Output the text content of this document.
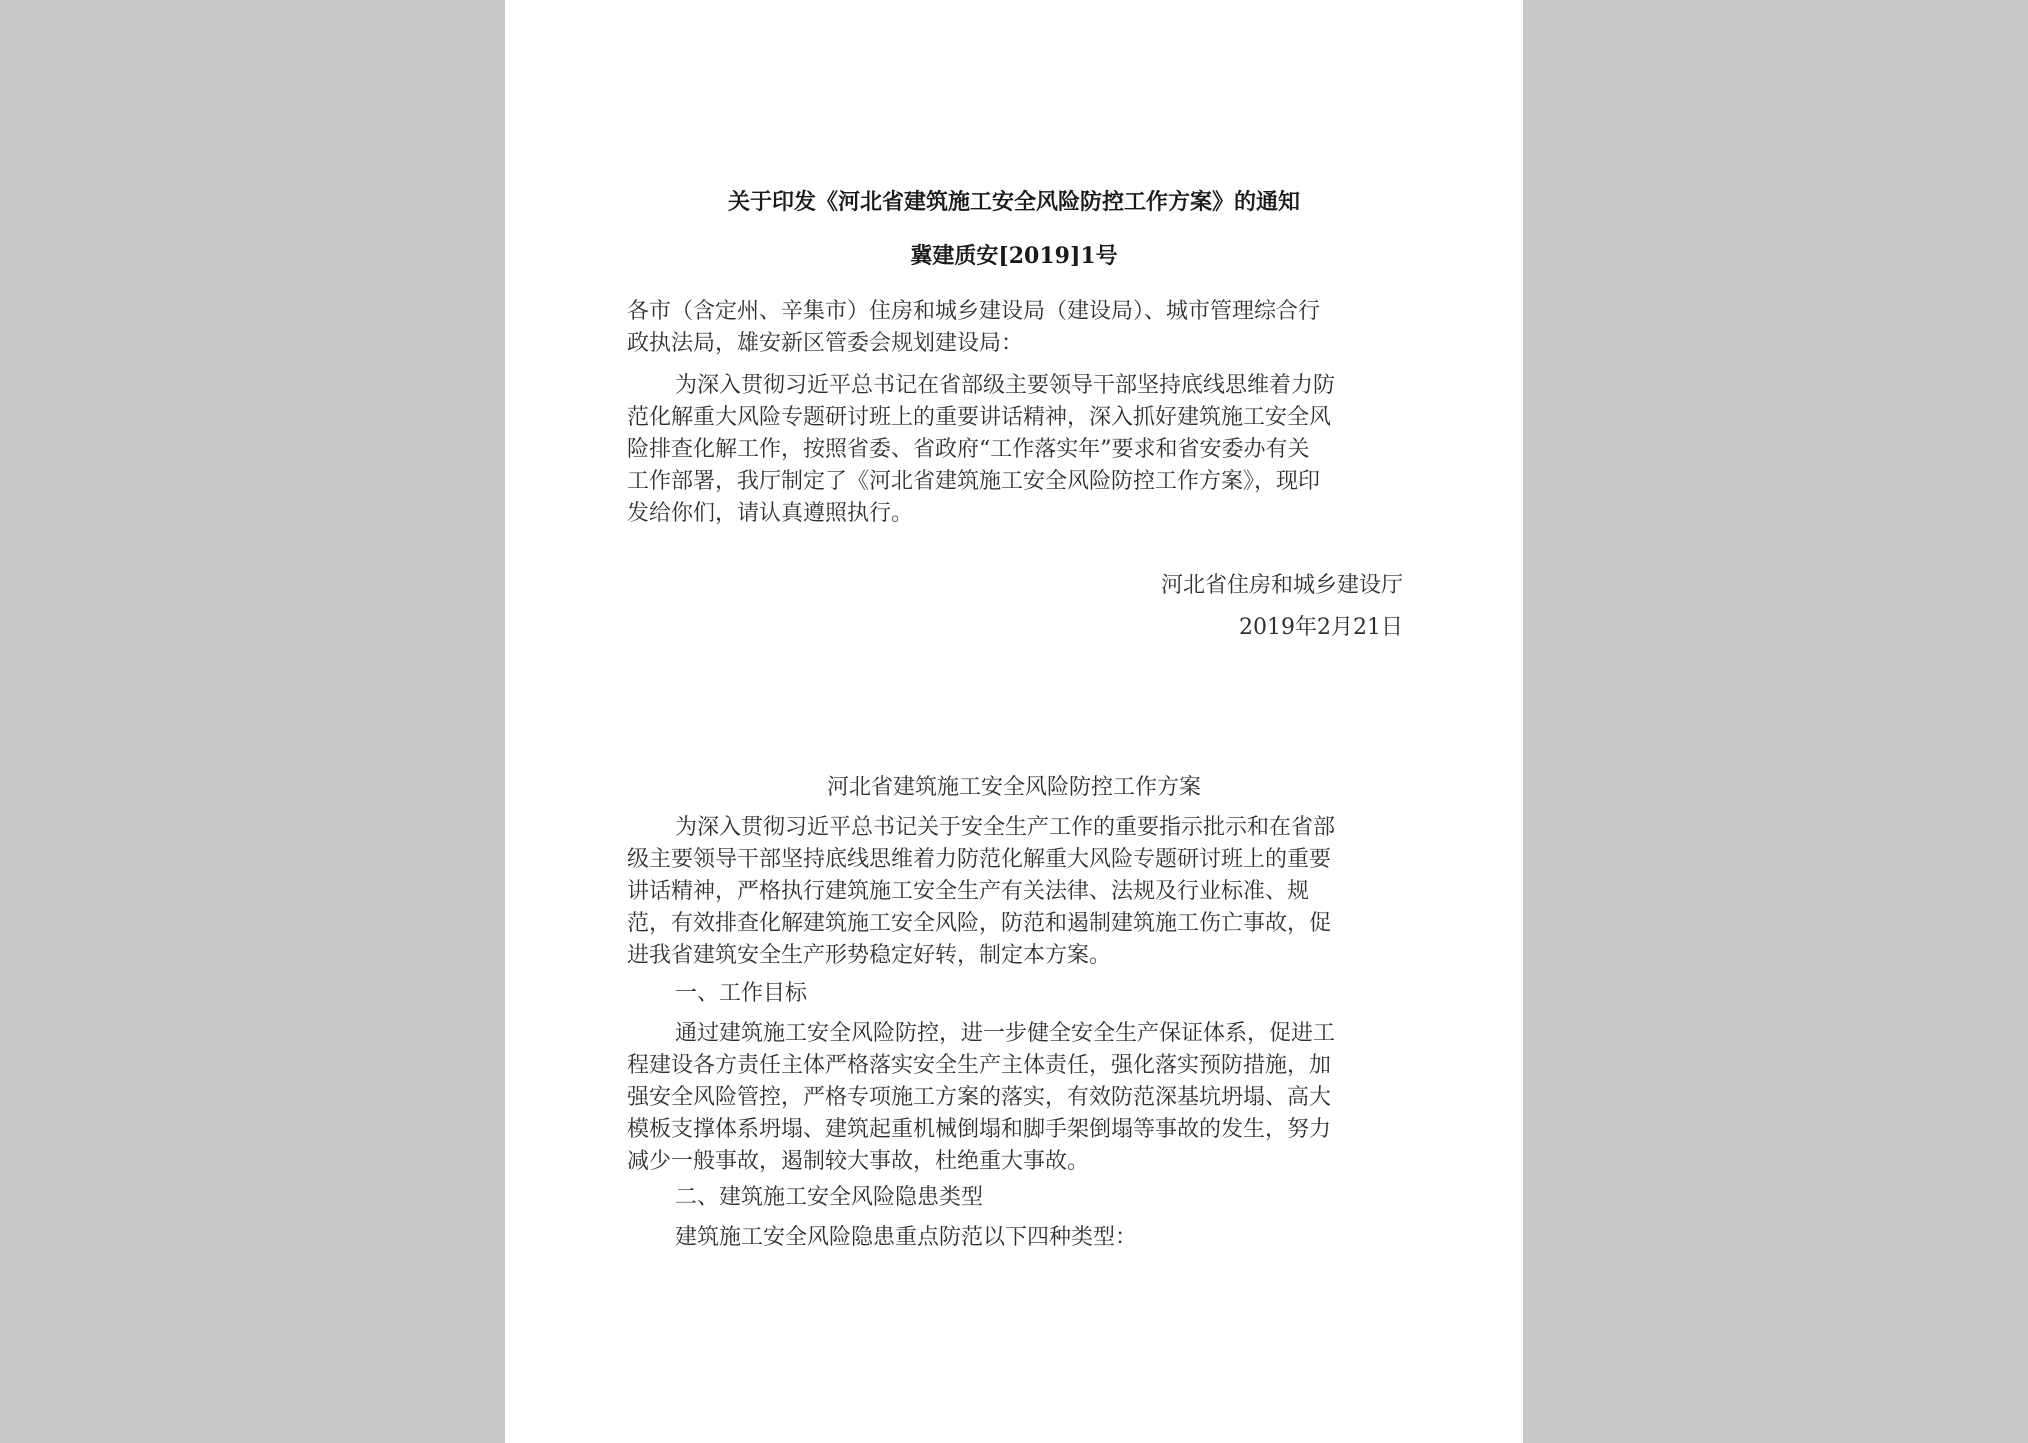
关于印发《河北省建筑施工安全风险防控工作方案》的通知
冀建质安[2019]1号
各市（含定州、辛集市）住房和城乡建设局（建设局）、城市管理综合行
政执法局，雄安新区管委会规划建设局：
为深入贯彻习近平总书记在省部级主要领导干部坚持底线思维着力防
范化解重大风险专题研讨班上的重要讲话精神，深入抓好建筑施工安全风
险排查化解工作，按照省委、省政府“工作落实年”要求和省安委办有关
工作部署，我厅制定了《河北省建筑施工安全风险防控工作方案》，现印
发给你们，请认真遵照执行。
河北省住房和城乡建设厅
2019年2月21日
河北省建筑施工安全风险防控工作方案
为深入贯彻习近平总书记关于安全生产工作的重要指示批示和在省部
级主要领导干部坚持底线思维着力防范化解重大风险专题研讨班上的重要
讲话精神，严格执行建筑施工安全生产有关法律、法规及行业标准、规
范，有效排查化解建筑施工安全风险，防范和遏制建筑施工伤亡事故，促
进我省建筑安全生产形势稳定好转，制定本方案。
一、工作目标
通过建筑施工安全风险防控，进一步健全安全生产保证体系，促进工
程建设各方责任主体严格落实安全生产主体责任，强化落实预防措施，加
强安全风险管控，严格专项施工方案的落实，有效防范深基坑坍塌、高大
模板支撑体系坍塌、建筑起重机械倒塌和脚手架倒塌等事故的发生，努力
减少一般事故，遏制较大事故，杜绝重大事故。
二、建筑施工安全风险隐患类型
建筑施工安全风险隐患重点防范以下四种类型：
